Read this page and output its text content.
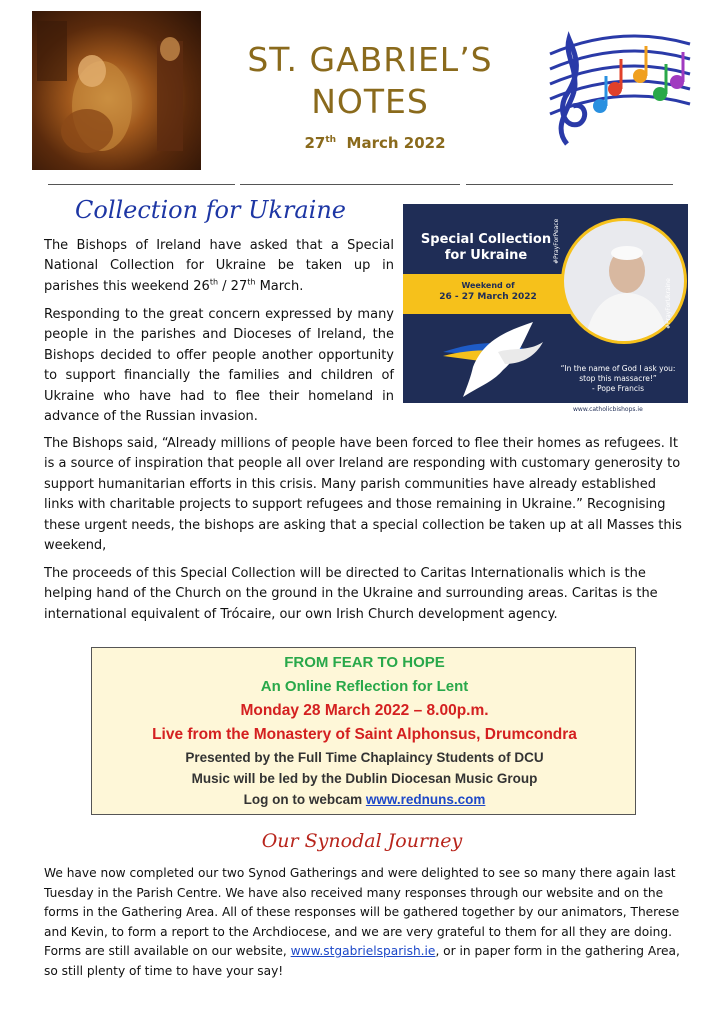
ST. GABRIEL’S
NOTES
27th March 2022
Collection for Ukraine

The Bishops of Ireland have asked that a Special National Collection for Ukraine be taken up in parishes this weekend 26th / 27th March.

Responding to the great concern expressed by many people in the parishes and Dioceses of Ireland, the Bishops decided to offer people another opportunity to support financially the families and children of Ukraine who have had to flee their homeland in advance of the Russian invasion.

Special Collection for Ukraine
Weekend of
26 - 27 March 2022
#PrayForPeace
#PrayForUkraine
“In the name of God I ask you: stop this massacre!”
- Pope Francis
www.catholicbishops.ie

The Bishops said, “Already millions of people have been forced to flee their homes as refugees. It is a source of inspiration that people all over Ireland are responding with customary generosity to support humanitarian efforts in this crisis. Many parish communities have already established links with charitable projects to support refugees and those remaining in Ukraine.” Recognising these urgent needs, the bishops are asking that a special collection be taken up at all Masses this weekend,

The proceeds of this Special Collection will be directed to Caritas Internationalis which is the helping hand of the Church on the ground in the Ukraine and surrounding areas. Caritas is the international equivalent of Trócaire, our own Irish Church development agency.

FROM FEAR TO HOPE
An Online Reflection for Lent
Monday 28 March 2022 – 8.00p.m.
Live from the Monastery of Saint Alphonsus, Drumcondra
Presented by the Full Time Chaplaincy Students of DCU
Music will be led by the Dublin Diocesan Music Group
Log on to webcam www.rednuns.com
Our Synodal Journey

We have now completed our two Synod Gatherings and were delighted to see so many there again last Tuesday in the Parish Centre. We have also received many responses through our website and on the forms in the Gathering Area. All of these responses will be gathered together by our animators, Therese and Kevin, to form a report to the Archdiocese, and we are very grateful to them for all they are doing. Forms are still available on our website, www.stgabrielsparish.ie, or in paper form in the gathering Area, so still plenty of time to have your say!
